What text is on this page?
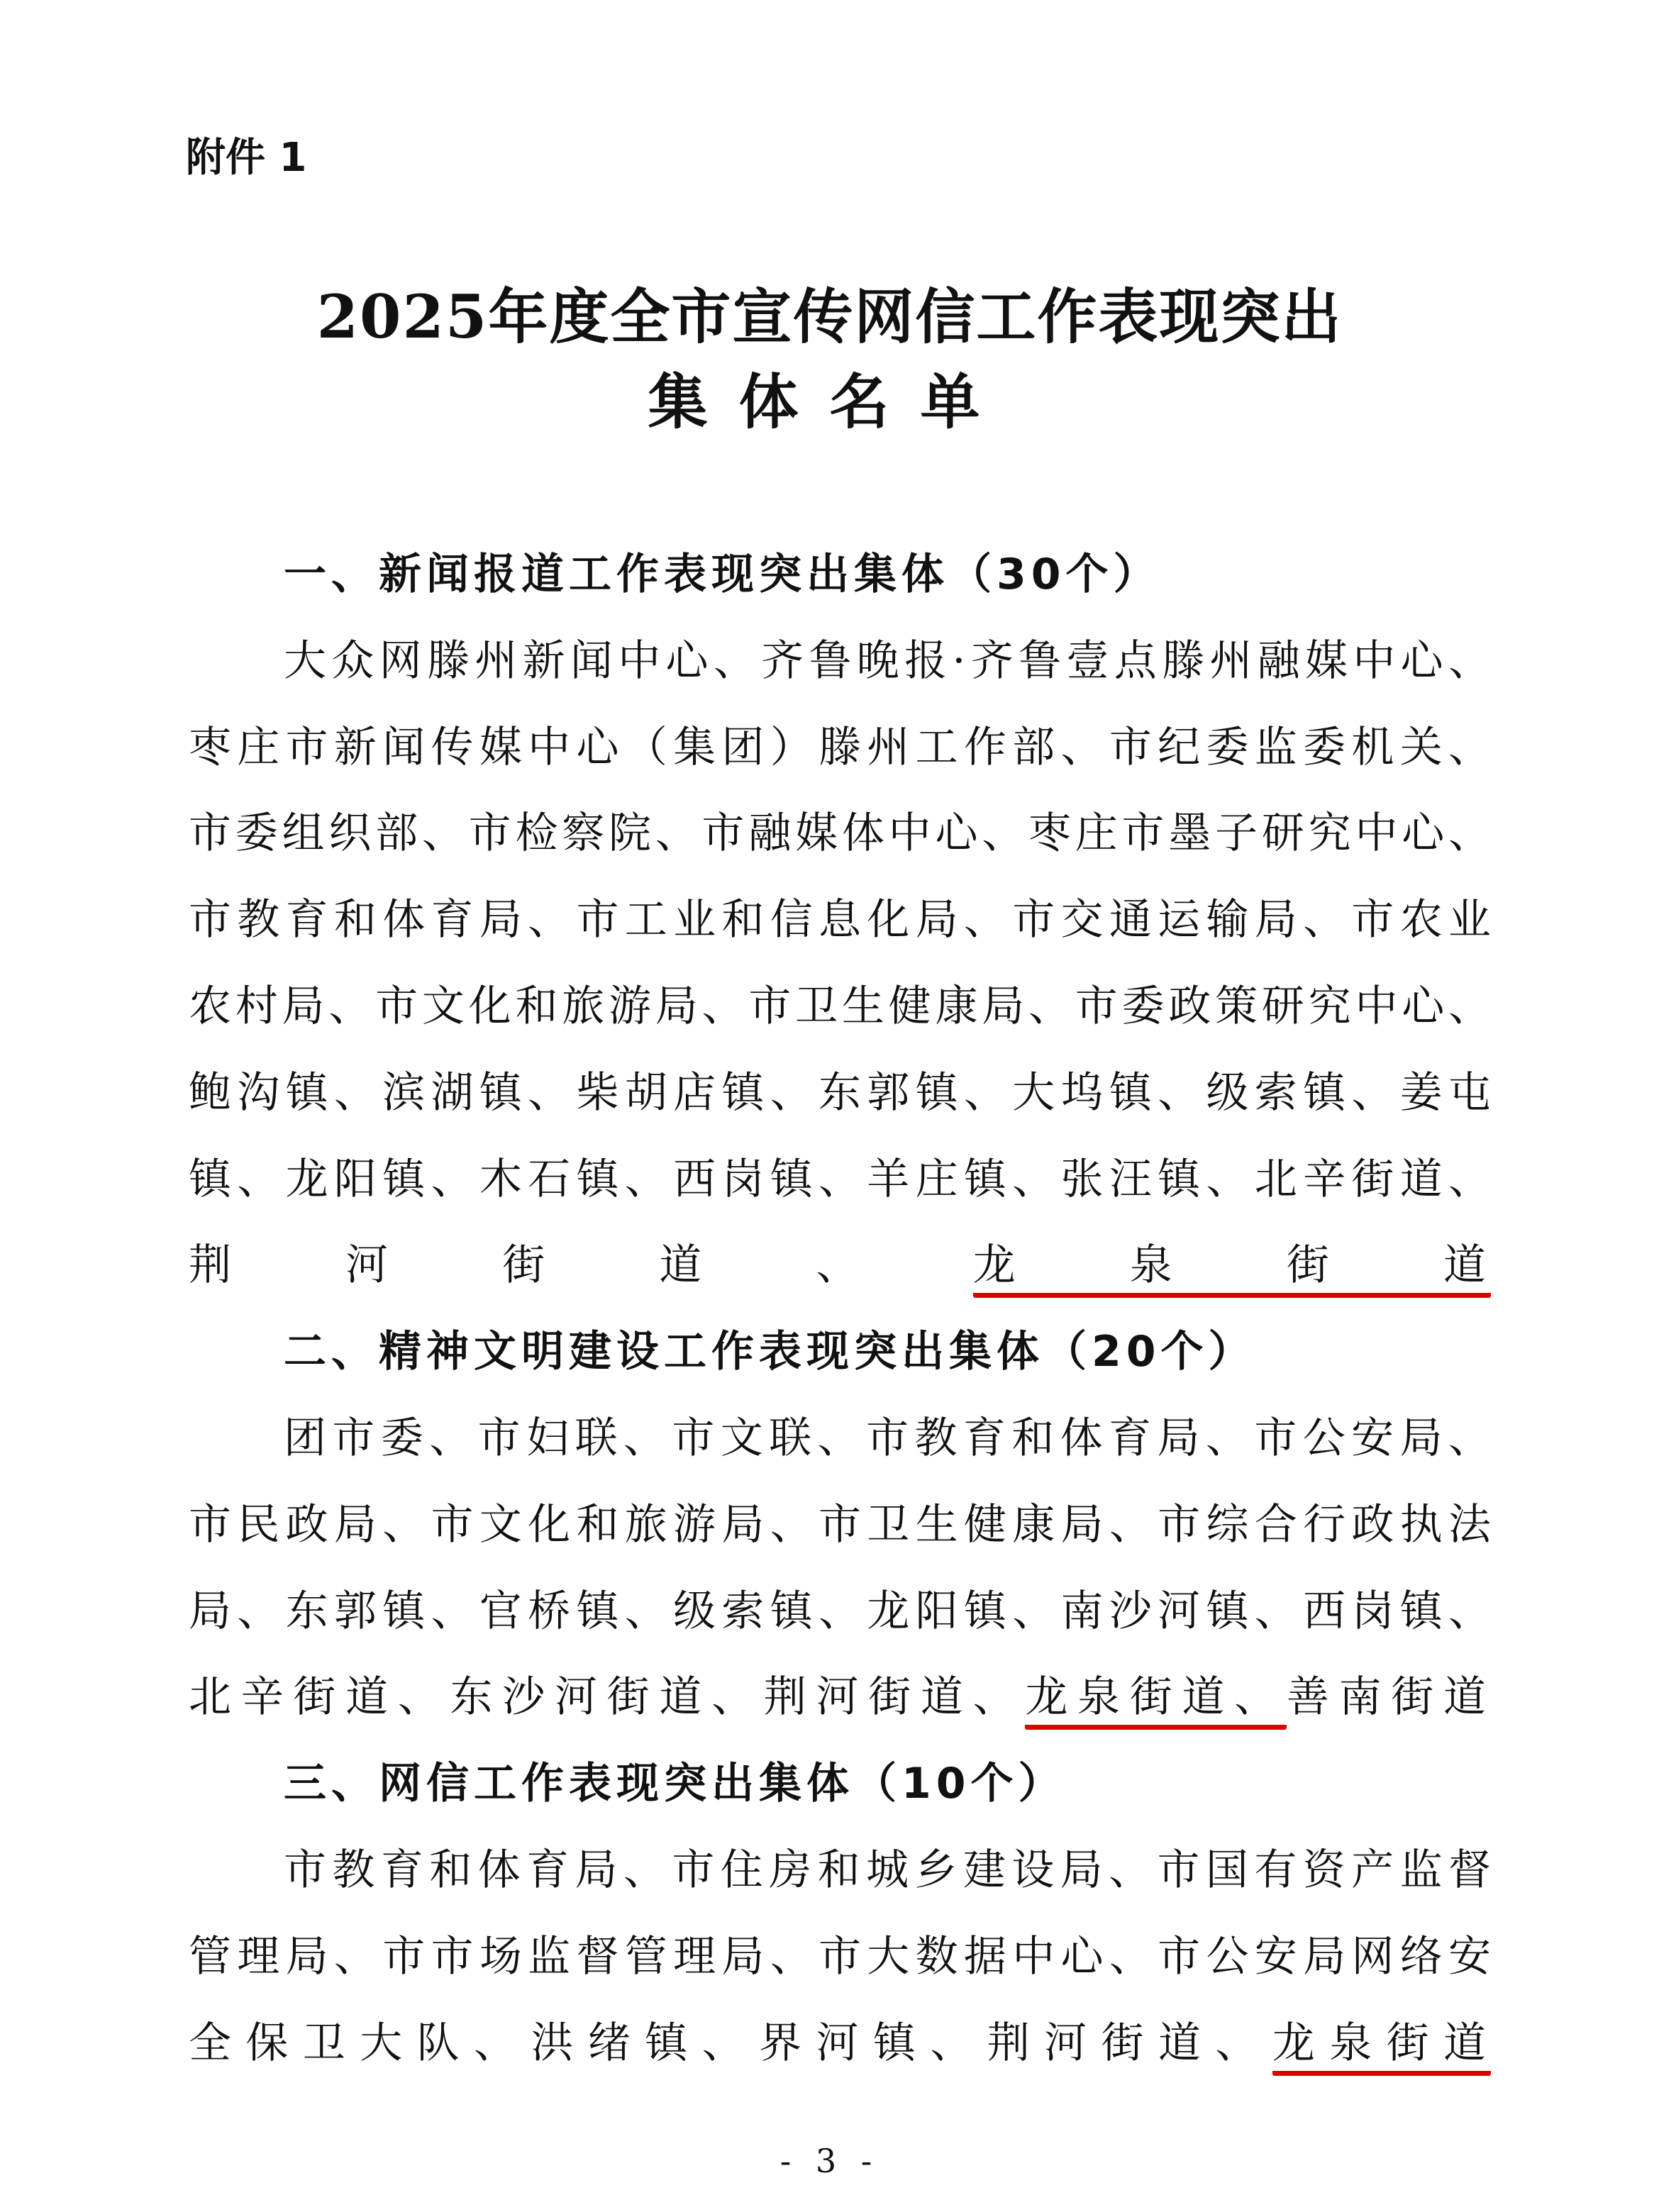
附件 1
2025年度全市宣传网信工作表现突出
集体名单
一、新闻报道工作表现突出集体（30个）
大众网滕州新闻中心、齐鲁晚报·齐鲁壹点滕州融媒中心、
枣庄市新闻传媒中心（集团）滕州工作部、市纪委监委机关、
市委组织部、市检察院、市融媒体中心、枣庄市墨子研究中心、
市教育和体育局、市工业和信息化局、市交通运输局、市农业
农村局、市文化和旅游局、市卫生健康局、市委政策研究中心、
鲍沟镇、滨湖镇、柴胡店镇、东郭镇、大坞镇、级索镇、姜屯
镇、龙阳镇、木石镇、西岗镇、羊庄镇、张汪镇、北辛街道、
荆河街道、龙泉街道
二、精神文明建设工作表现突出集体（20个）
团市委、市妇联、市文联、市教育和体育局、市公安局、
市民政局、市文化和旅游局、市卫生健康局、市综合行政执法
局、东郭镇、官桥镇、级索镇、龙阳镇、南沙河镇、西岗镇、
北辛街道、东沙河街道、荆河街道、龙泉街道、善南街道
三、网信工作表现突出集体（10个）
市教育和体育局、市住房和城乡建设局、市国有资产监督
管理局、市市场监督管理局、市大数据中心、市公安局网络安
全保卫大队、洪绪镇、界河镇、荆河街道、龙泉街道
- 3 -
